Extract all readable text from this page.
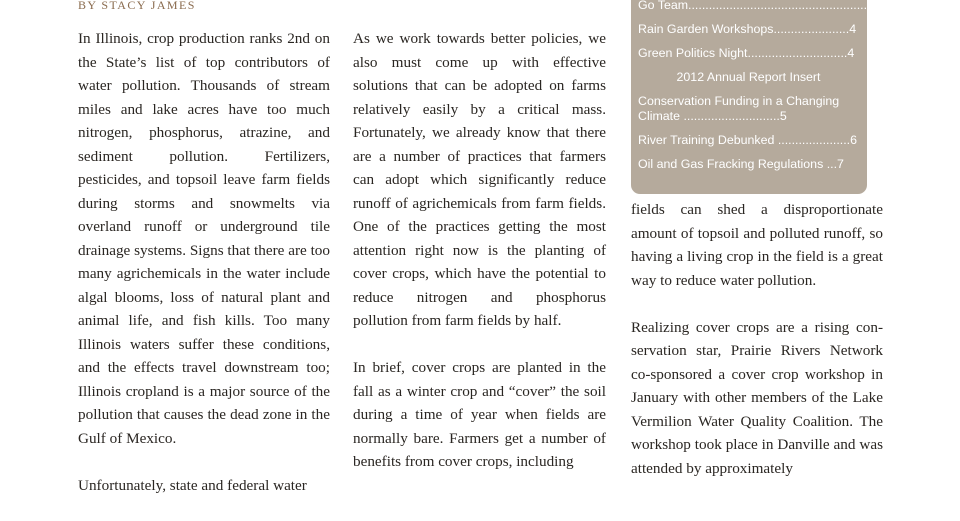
BY STACY JAMES

In Illinois, crop production ranks 2nd on the State’s list of top contributors of water pollution. Thousands of stream miles and lake acres have too much nitrogen, phosphorus, atrazine, and sediment pollution. Fertilizers, pesticides, and topsoil leave farm fields during storms and snowmelts via overland runoff or underground tile drainage systems. Signs that there are too many agrichemicals in the water include algal blooms, loss of natural plant and animal life, and fish kills. Too many Illinois waters suffer these conditions, and the effects travel downstream too; Illinois cropland is a major source of the pollution that causes the dead zone in the Gulf of Mexico.

Unfortunately, state and federal water

As we work towards better policies, we also must come up with effective solutions that can be adopted on farms relatively easily by a critical mass. Fortunately, we already know that there are a number of practices that farmers can adopt which significantly reduce runoff of agrichemicals from farm fields. One of the practices getting the most attention right now is the planting of cover crops, which have the potential to reduce nitrogen and phosphorus pollution from farm fields by half.

In brief, cover crops are planted in the fall as a winter crop and “cover” the soil during a time of year when fields are normally bare. Farmers get a number of benefits from cover crops, including

Go Team.....................................................3
Rain Garden Workshops......................4
Green Politics Night.............................4
2012 Annual Report Insert
Conservation Funding in a Changing Climate ............................5
River Training Debunked .....................6
Oil and Gas Fracking Regulations ...7

fields can shed a disproportionate amount of topsoil and polluted runoff, so having a living crop in the field is a great way to reduce water pollution.

Realizing cover crops are a rising conservation star, Prairie Rivers Network co-sponsored a cover crop workshop in January with other members of the Lake Vermilion Water Quality Coalition. The workshop took place in Danville and was attended by approximately
